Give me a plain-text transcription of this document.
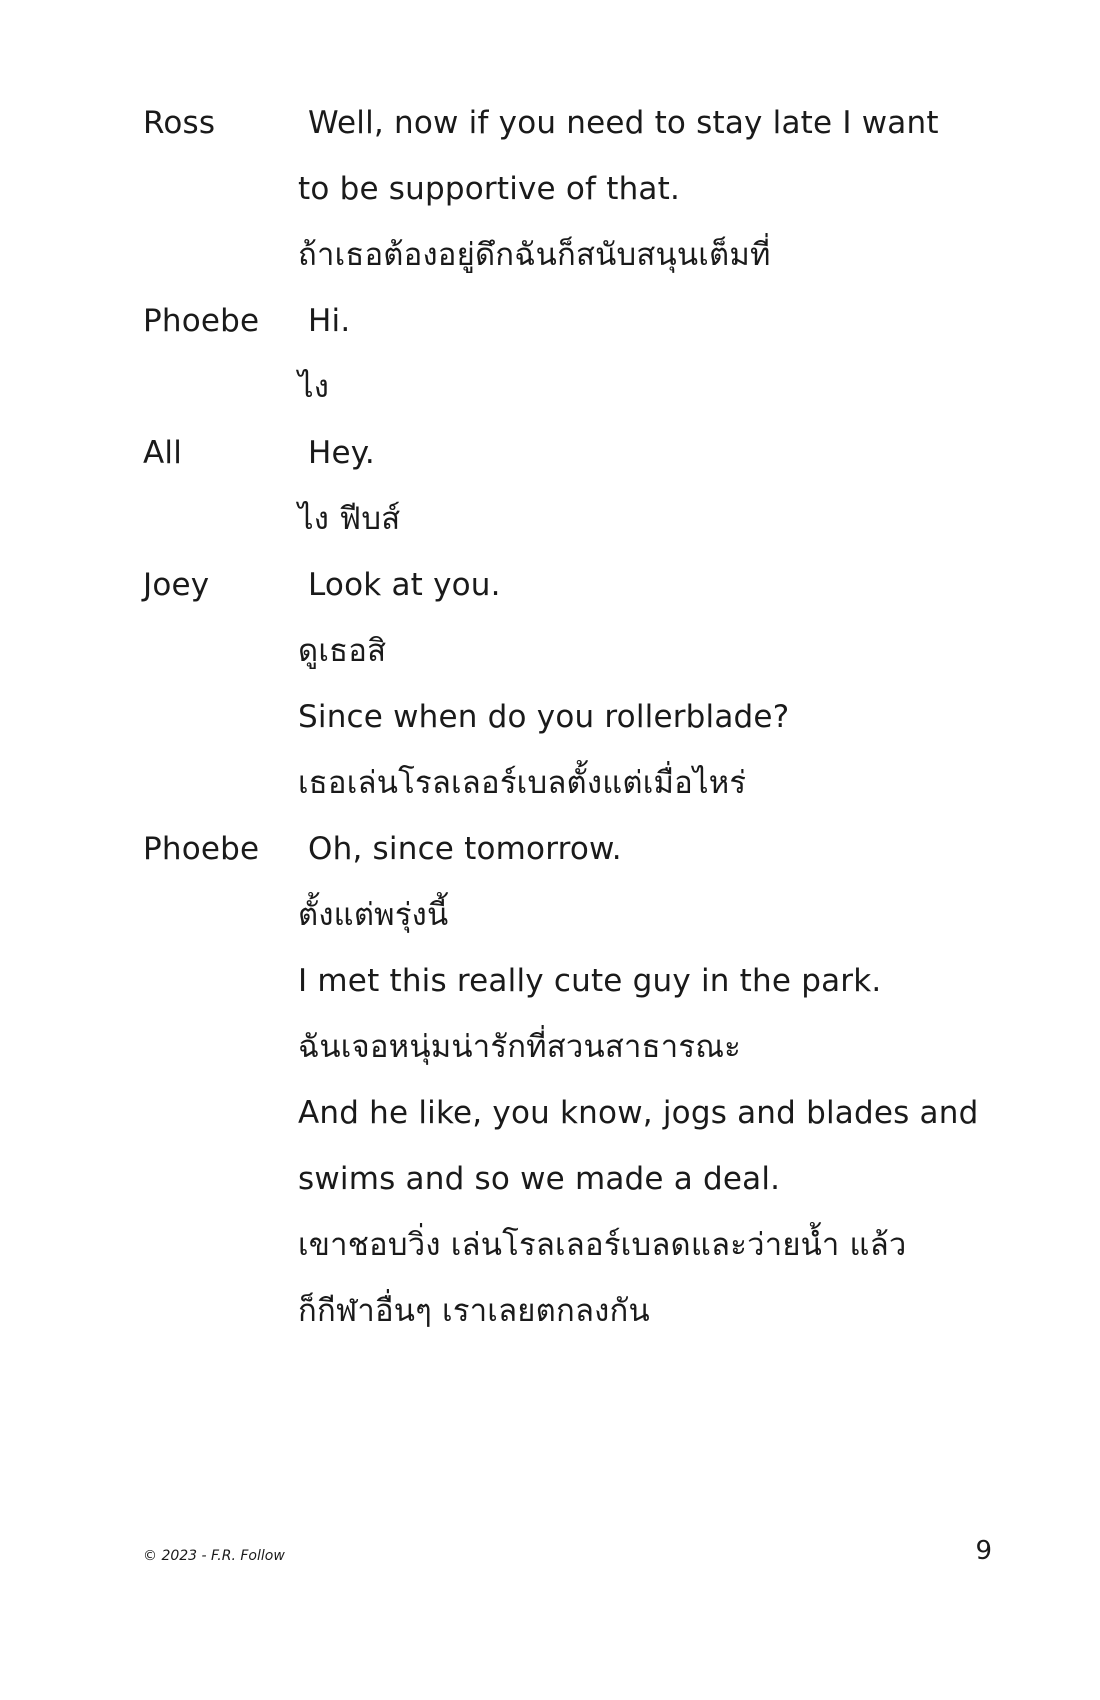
Ross	Well, now if you need to stay late I want
to be supportive of that.
ถ้าเธอต้องอยู่ดึกฉันก็สนับสนุนเต็มที่
Phoebe Hi.
ไง
All	Hey.
ไง ฟีบส์
Joey	Look at you.
ดูเธอสิ
Since when do you rollerblade?
เธอเล่นโรลเลอร์เบลตั้งแต่เมื่อไหร่
Phoebe Oh, since tomorrow.
ตั้งแต่พรุ่งนี้
I met this really cute guy in the park.
ฉันเจอหนุ่มน่ารักที่สวนสาธารณะ
And he like, you know, jogs and blades and
swims and so we made a deal.
เขาชอบวิ่ง เล่นโรลเลอร์เบลดและว่ายน้ำ แล้ว
ก็กีฬาอื่นๆ เราเลยตกลงกัน
© 2023 - F.R. Follow	9
